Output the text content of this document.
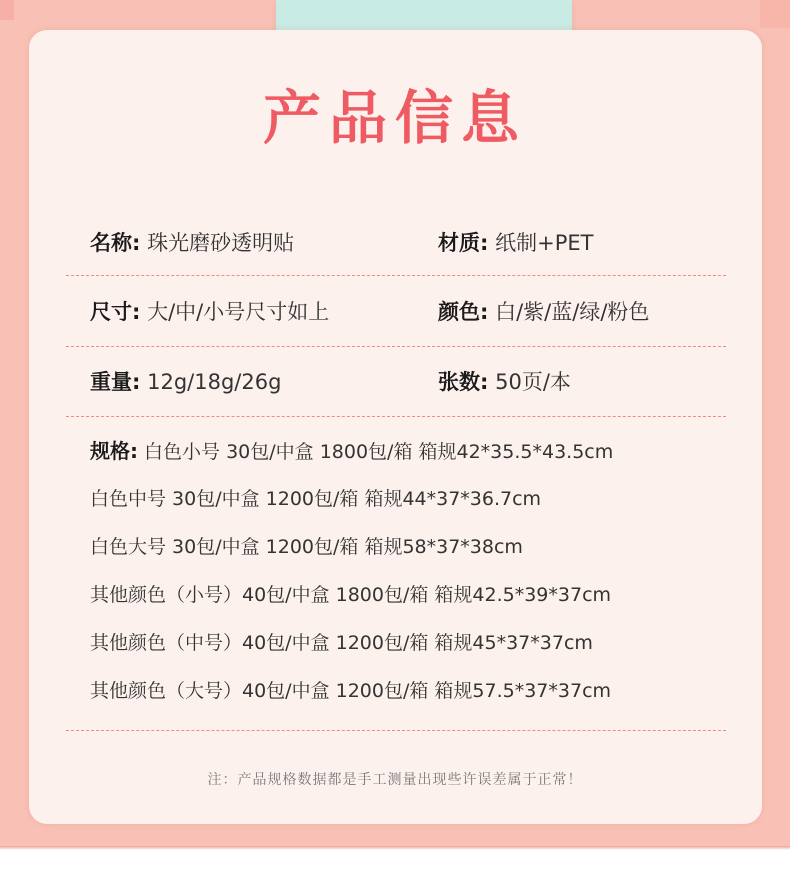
产品信息
名称: 珠光磨砂透明贴	材质: 纸制+PET
尺寸: 大/中/小号尺寸如上	颜色: 白/紫/蓝/绿/粉色
重量: 12g/18g/26g	张数: 50页/本
规格: 白色小号 30包/中盒 1800包/箱 箱规42*35.5*43.5cm
白色中号 30包/中盒 1200包/箱 箱规44*37*36.7cm
白色大号 30包/中盒 1200包/箱 箱规58*37*38cm
其他颜色（小号）40包/中盒 1800包/箱 箱规42.5*39*37cm
其他颜色（中号）40包/中盒 1200包/箱 箱规45*37*37cm
其他颜色（大号）40包/中盒 1200包/箱 箱规57.5*37*37cm
注：产品规格数据都是手工测量出现些许误差属于正常！
